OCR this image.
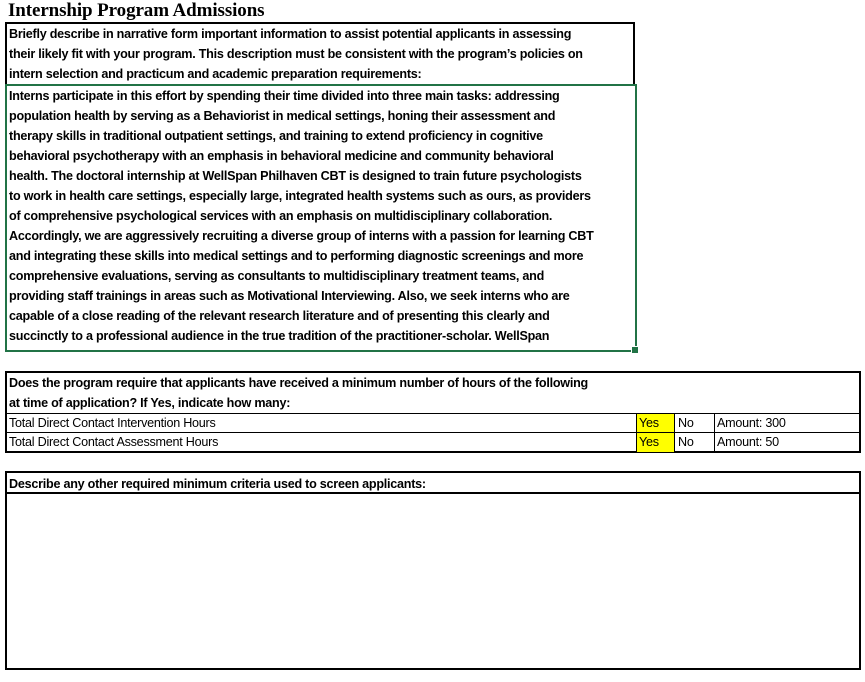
Internship Program Admissions
Briefly describe in narrative form important information to assist potential applicants in assessing
their likely fit with your program. This description must be consistent with the program’s policies on
intern selection and practicum and academic preparation requirements:
Interns participate in this effort by spending their time divided into three main tasks: addressing
population health by serving as a Behaviorist in medical settings, honing their assessment and
therapy skills in traditional outpatient settings, and training to extend proficiency in cognitive
behavioral psychotherapy with an emphasis in behavioral medicine and community behavioral
health. The doctoral internship at WellSpan Philhaven CBT is designed to train future psychologists
to work in health care settings, especially large, integrated health systems such as ours, as providers
of comprehensive psychological services with an emphasis on multidisciplinary collaboration.
Accordingly, we are aggressively recruiting a diverse group of interns with a passion for learning CBT
and integrating these skills into medical settings and to performing diagnostic screenings and more
comprehensive evaluations, serving as consultants to multidisciplinary treatment teams, and
providing staff trainings in areas such as Motivational Interviewing. Also, we seek interns who are
capable of a close reading of the relevant research literature and of presenting this clearly and
succinctly to a professional audience in the true tradition of the practitioner-scholar. WellSpan
Does the program require that applicants have received a minimum number of hours of the following
at time of application? If Yes, indicate how many:
Total Direct Contact Intervention Hours	Yes	No	Amount: 300
Total Direct Contact Assessment Hours	Yes	No	Amount: 50
Describe any other required minimum criteria used to screen applicants:
